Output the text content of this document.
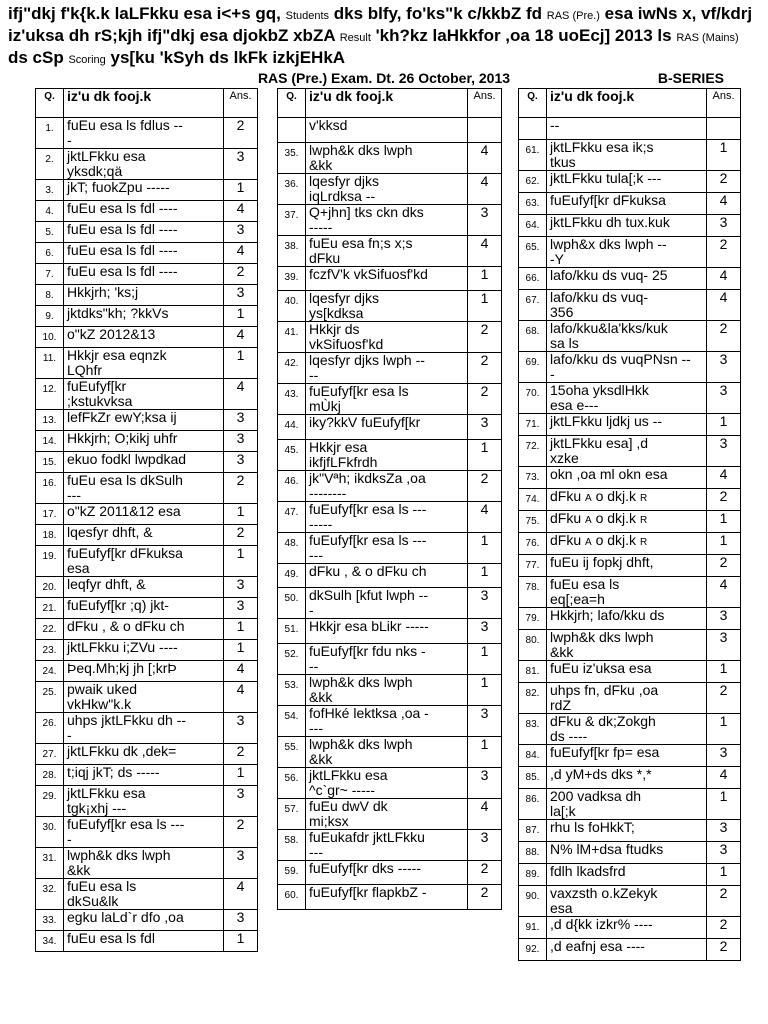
ifj"dkj f'k{k.k laLFkku esa i<+s gq, Students dks blfy, fo'ks"k c/kkbZ fd RAS (Pre.) esa iwNs x, vf/kdrj iz'uksa dh rS;kjh ifj"dkj esa djokbZ xbZA Result 'kh?kz laHkkfor ,oa 18 uoEcj] 2013 ls RAS (Mains) ds cSp Scoring ys[ku 'kSyh ds lkFk izkjEHkA
RAS (Pre.) Exam. Dt. 26 October, 2013	B-SERIES
Q.	iz'u dk fooj.k	Ans.
1.	fuEu esa ls fdlus --
-	2
2.	jktLFkku esa
yksdk;qä	3
3.	jkT; fuokZpu -----	1
4.	fuEu esa ls fdl ----	4
5.	fuEu esa ls fdl ----	3
6.	fuEu esa ls fdl ----	4
7.	fuEu esa ls fdl ----	2
8.	Hkkjrh; 'ks;j	3
9.	jktdks"kh; ?kkVs	1
10.	o"kZ 2012&13	4
11.	Hkkjr esa eqnzk
LQhfr	1
12.	fuEufyf[kr
;kstukvksa	4
13.	lefFkZr ewY;ksa ij	3
14.	Hkkjrh; O;kikj uhfr	3
15.	ekuo fodkl lwpdkad	3
16.	fuEu esa ls dkSulh
---	2
17.	o"kZ 2011&12 esa	1
18.	lqesfyr dhft, &	2
19.	fuEufyf[kr dFkuksa
esa	1
20.	leqfyr dhft, &	3
21.	fuEufyf[kr ;q) jkt-	3
22.	dFku , & o dFku ch	1
23.	jktLFkku i;ZVu ----	1
24.	Þeq.Mh;kj jh [;krÞ	4
25.	pwaik uked
vkHkw"k.k	4
26.	uhps jktLFkku dh --
-	3
27.	jktLFkku dk ,dek=	2
28.	t;iqj jkT; ds -----	1
29.	jktLFkku esa
tgk¡xhj ---	3
30.	fuEufyf[kr esa ls ---
-	2
31.	lwph&k dks lwph
&kk	3
32.	fuEu esa ls
dkSu&lk	4
33.	egku laLd`r dfo ,oa	3
34.	fuEu esa ls fdl	1
Q.	iz'u dk fooj.k	Ans.
	v'kksd	
35.	lwph&k dks lwph
&kk	4
36.	lqesfyr djks
iqLrdksa --	4
37.	Q+jhn] tks ckn dks
-----	3
38.	fuEu esa fn;s x;s
dFku	4
39.	fczfV'k vkSifuosf'kd	1
40.	lqesfyr djks
ys[kdksa	1
41.	Hkkjr ds
vkSifuosf'kd	2
42.	lqesfyr djks lwph --
--	2
43.	fuEufyf[kr esa ls
mÙkj	2
44.	iky?kkV fuEufyf[kr	3
45.	Hkkjr esa
ikfjfLFkfrdh	1
46.	jk"Vªh; ikdksZa ,oa
--------	2
47.	fuEufyf[kr esa ls ---
-----	4
48.	fuEufyf[kr esa ls ---
---	1
49.	dFku , & o dFku ch	1
50.	dkSulh [kfut lwph --
-	3
51.	Hkkjr esa bLikr -----	3
52.	fuEufyf[kr fdu nks -
--	1
53.	lwph&k dks lwph
&kk	1
54.	fofHké lektksa ,oa -
---	3
55.	lwph&k dks lwph
&kk	1
56.	jktLFkku esa
^c`gr~ -----	3
57.	fuEu dwV dk
mi;ksx	4
58.	fuEukafdr jktLFkku
---	3
59.	fuEufyf[kr dks -----	2
60.	fuEufyf[kr flapkbZ -	2
Q.	iz'u dk fooj.k	Ans.
	--	
61.	jktLFkku esa ik;s
tkus	1
62.	jktLFkku tula[;k ---	2
63.	fuEufyf[kr dFkuksa	4
64.	jktLFkku dh tux.kuk	3
65.	lwph&x dks lwph --
-Y	2
66.	lafo/kku ds vuq- 25	4
67.	lafo/kku ds vuq-
356	4
68.	lafo/kku&la'kks/kuk
sa ls	2
69.	lafo/kku ds vuqPNsn --
-	3
70.	15oha yksdlHkk
esa e---	3
71.	jktLFkku ljdkj us --	1
72.	jktLFkku esa] ,d
xzke	3
73.	okn ,oa ml okn esa	4
74.	dFku A o dkj.k R	2
75.	dFku A o dkj.k R	1
76.	dFku A o dkj.k R	1
77.	fuEu ij fopkj dhft,	2
78.	fuEu esa ls
eq[;ea=h	4
79.	Hkkjrh; lafo/kku ds	3
80.	lwph&k dks lwph
&kk	3
81.	fuEu iz'uksa esa	1
82.	uhps fn, dFku ,oa
rdZ	2
83.	dFku & dk;Zokgh
ds ----	1
84.	fuEufyf[kr fp= esa	3
85.	,d yM+ds dks *,*	4
86.	200 vadksa dh
la[;k	1
87.	rhu ls foHkkT;	3
88.	N% lM+dsa ftudks	3
89.	fdlh lkadsfrd	1
90.	vaxzsth o.kZekyk
esa	2
91.	,d d{kk izkr% ----	2
92.	,d eafnj esa ----	2
